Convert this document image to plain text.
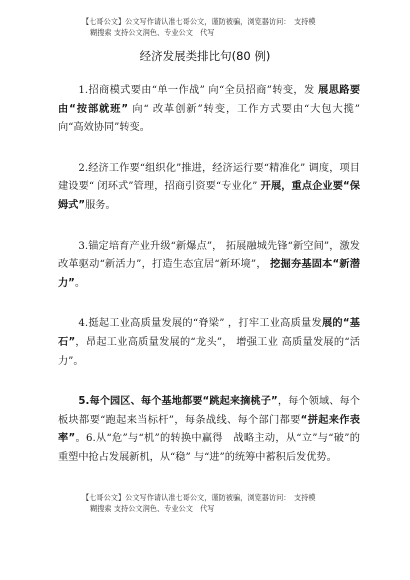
【七哥公文】公文写作请认准七哥公文，谨防被骗，浏览器访问：　支持模
糊搜索 支持公文润色、专业公文　代写
经济发展类排比句(80 例)

1.招商模式要由“单一作战” 向“全员招商”转变，发 展思路要由“按部就班” 向“ 改革创新”转变，工作方式要由“大包大揽” 向“高效协同”转变。

2.经济工作要“组织化”推进，经济运行要“精准化” 调度，项目建设要“ 闭环式”管理，招商引资要“专业化” 开展，重点企业要“保姆式”服务。

3.锚定培育产业升级“新爆点”， 拓展融城先锋“新空间”，激发改革驱动“新活力”，打造生态宜居“新环境”， 挖掘夯基固本“新潜力”。

4.挺起工业高质量发展的“脊梁” ，打牢工业高质量发展的“基石”，昂起工业高质量发展的“龙头”， 增强工业 高质量发展的“活力”。

5.每个园区、每个基地都要“跳起来摘桃子”，每个领域、每个板块都要“跑起来当标杆”，每条战线、每个部门都要“拼起来作表率”。6.从“危”与“机”的转换中赢得　战略主动，从“立”与“破”的重塑中抢占发展新机，从“稳” 与“进”的统筹中蓄积后发优势。

【七哥公文】公文写作请认准七哥公文，谨防被骗，浏览器访问：　支持模
糊搜索 支持公文润色、专业公文　代写
